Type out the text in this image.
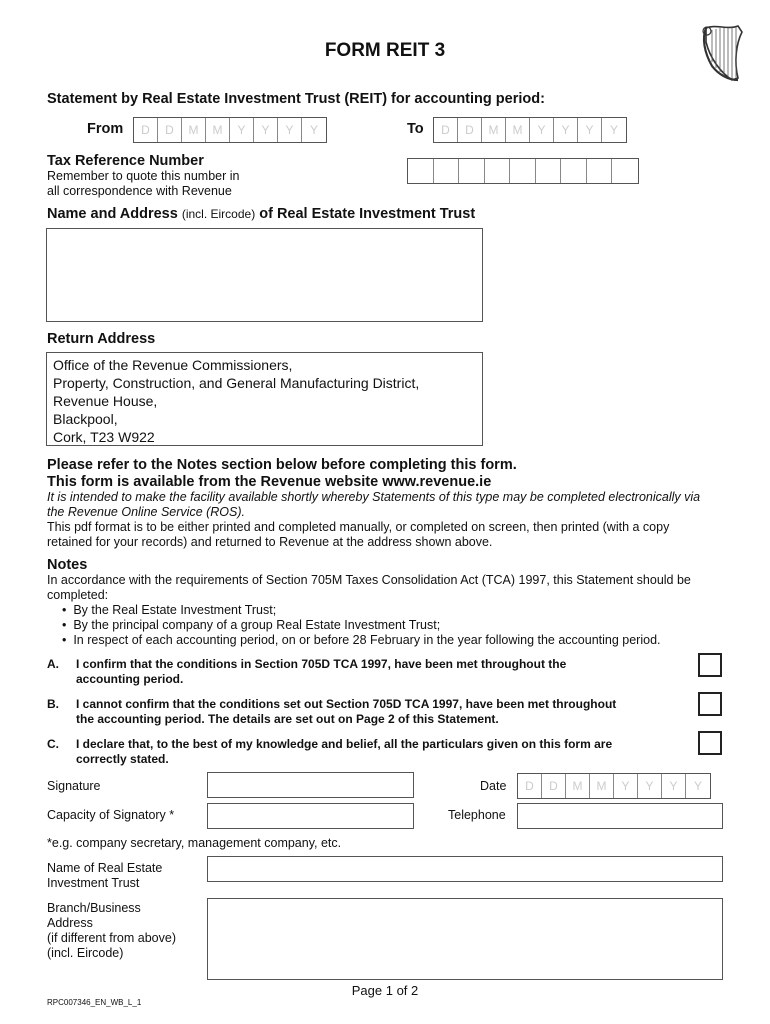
FORM REIT 3
Statement by Real Estate Investment Trust (REIT) for accounting period:
From	D	D	M	M	Y	Y	Y	Y	To	D	D	M	M	Y	Y	Y	Y
Tax Reference Number
Remember to quote this number in
all correspondence with Revenue
Name and Address (incl. Eircode) of Real Estate Investment Trust
Return Address
Office of the Revenue Commissioners,
Property, Construction, and General Manufacturing District,
Revenue House,
Blackpool,
Cork, T23 W922
Please refer to the Notes section below before completing this form.
This form is available from the Revenue website www.revenue.ie
It is intended to make the facility available shortly whereby Statements of this type may be completed electronically via
the Revenue Online Service (ROS).
This pdf format is to be either printed and completed manually, or completed on screen, then printed (with a copy
retained for your records) and returned to Revenue at the address shown above.
Notes
In accordance with the requirements of Section 705M Taxes Consolidation Act (TCA) 1997, this Statement should be
completed:
•  By the Real Estate Investment Trust;
•  By the principal company of a group Real Estate Investment Trust;
•  In respect of each accounting period, on or before 28 February in the year following the accounting period.
A. I confirm that the conditions in Section 705D TCA 1997, have been met throughout the
accounting period.
B. I cannot confirm that the conditions set out Section 705D TCA 1997, have been met throughout
the accounting period. The details are set out on Page 2 of this Statement.
C. I declare that, to the best of my knowledge and belief, all the particulars given on this form are
correctly stated.
Signature	Date	D	D	M	M	Y	Y	Y	Y
Capacity of Signatory *	Telephone
*e.g. company secretary, management company, etc.
Name of Real Estate
Investment Trust
Branch/Business
Address
(if different from above)
(incl. Eircode)
Page 1 of 2
RPC007346_EN_WB_L_1
